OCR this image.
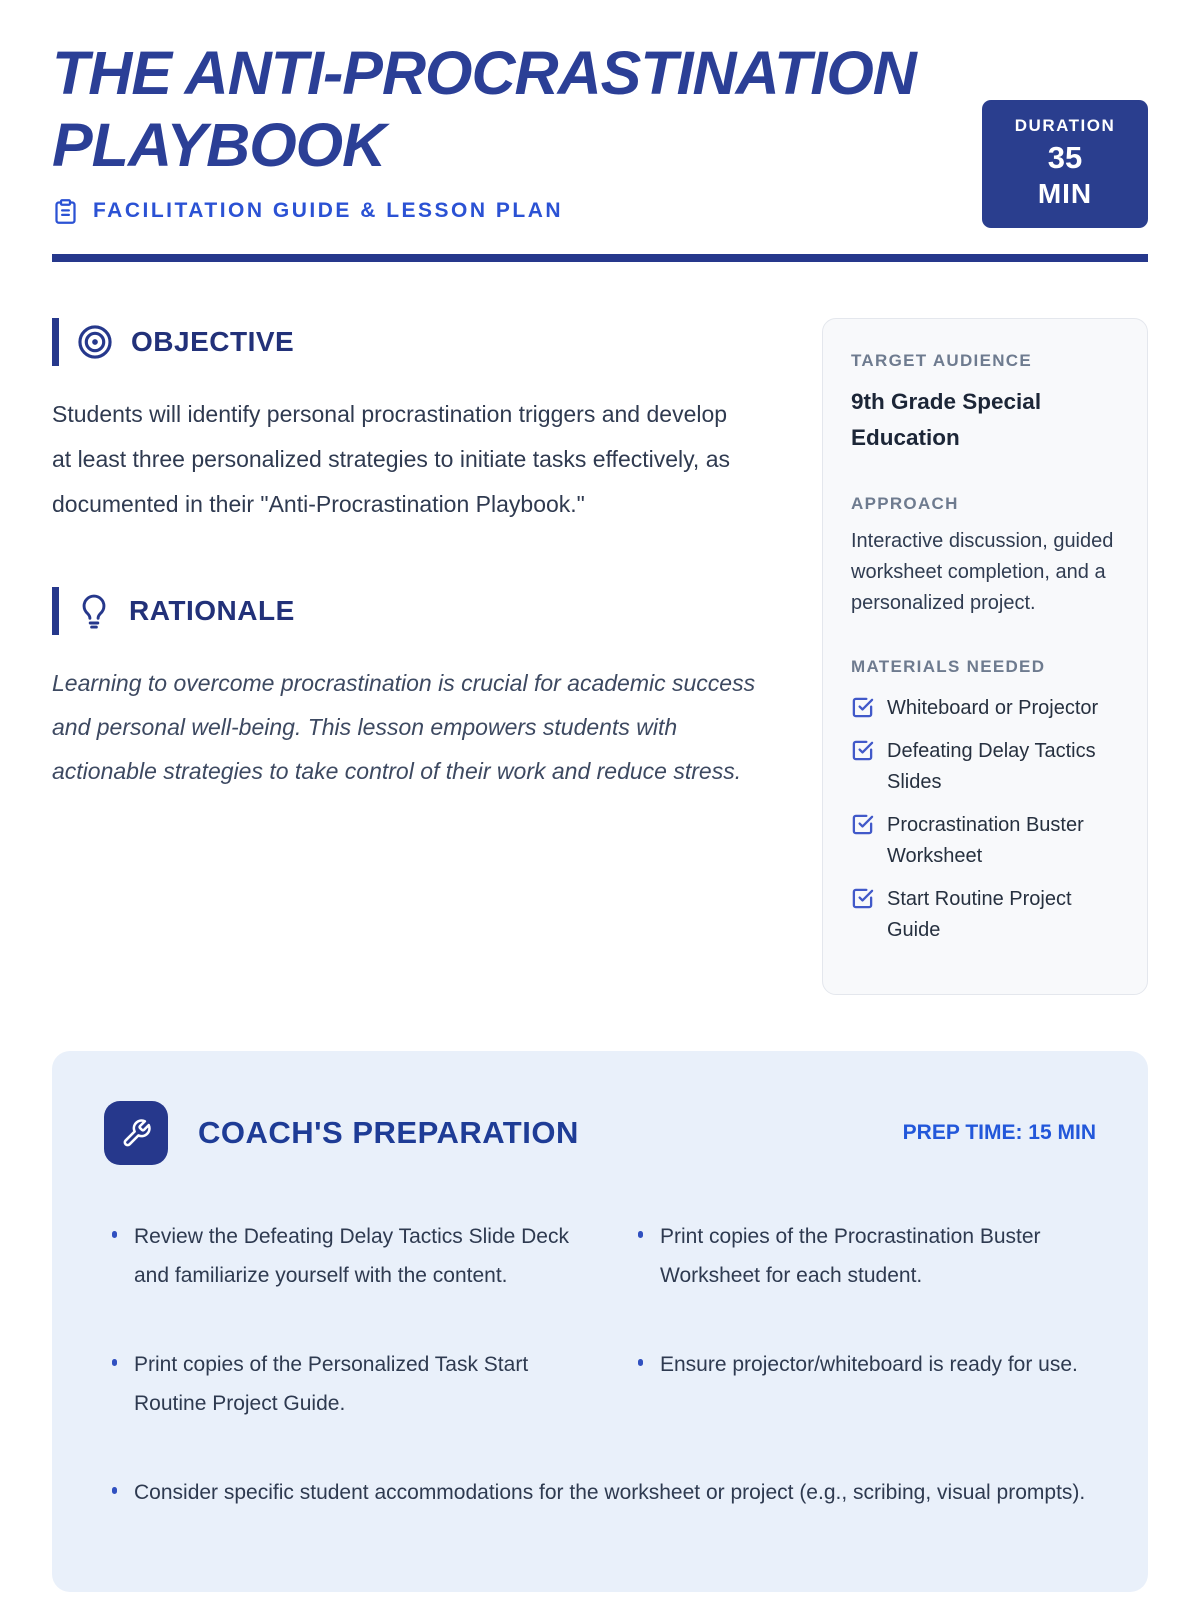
THE ANTI-PROCRASTINATION PLAYBOOK
FACILITATION GUIDE & LESSON PLAN
DURATION
35
MIN
OBJECTIVE

Students will identify personal procrastination triggers and develop at least three personalized strategies to initiate tasks effectively, as documented in their "Anti-Procrastination Playbook."

RATIONALE

Learning to overcome procrastination is crucial for academic success and personal well-being. This lesson empowers students with actionable strategies to take control of their work and reduce stress.

TARGET AUDIENCE
9th Grade Special Education
APPROACH
Interactive discussion, guided worksheet completion, and a personalized project.
MATERIALS NEEDED
Whiteboard or Projector
Defeating Delay Tactics Slides
Procrastination Buster Worksheet
Start Routine Project Guide
COACH'S PREPARATION	PREP TIME: 15 MIN
Review the Defeating Delay Tactics Slide Deck and familiarize yourself with the content.
Print copies of the Procrastination Buster Worksheet for each student.
Print copies of the Personalized Task Start Routine Project Guide.
Ensure projector/whiteboard is ready for use.
Consider specific student accommodations for the worksheet or project (e.g., scribing, visual prompts).
